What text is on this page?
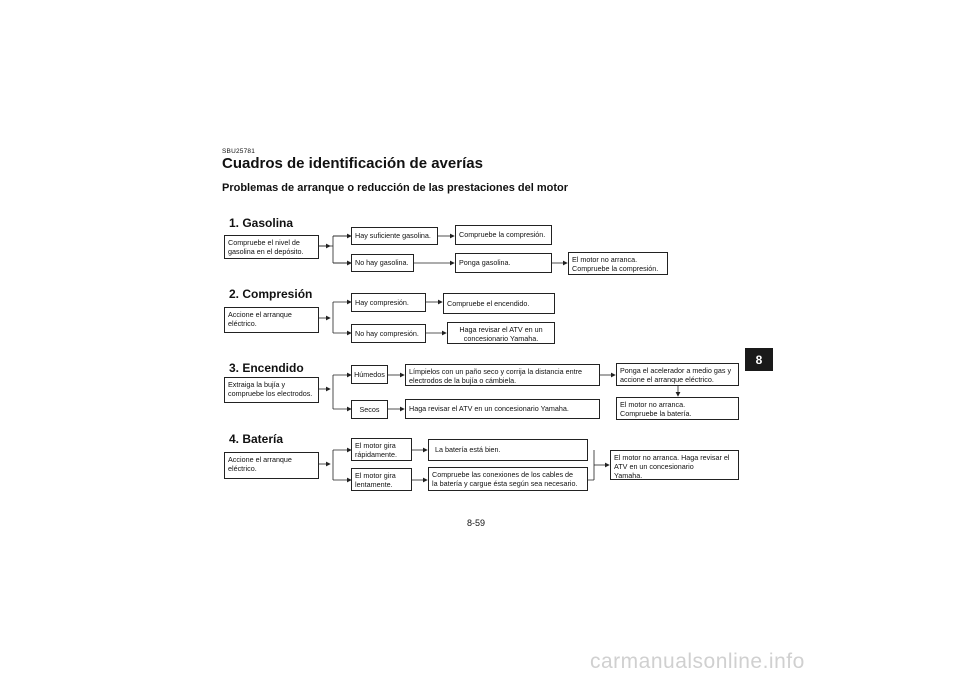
SBU25781
Cuadros de identificación de averías
Problemas de arranque o reducción de las prestaciones del motor
1. Gasolina
Compruebe el nivel de
gasolina en el depósito.
Hay suficiente gasolina.	Compruebe la compresión.
No hay gasolina.	Ponga gasolina.	El motor no arranca.
Compruebe la compresión.
2. Compresión
Accione el arranque
eléctrico.
Hay compresión.	Compruebe el encendido.
No hay compresión.	Haga revisar el ATV en un
concesionario Yamaha.
3. Encendido
Extraiga la bujía y
compruebe los electrodos.
Húmedos	Límpielos con un paño seco y corrija la distancia entre
electrodos de la bujía o cámbiela.
Ponga el acelerador a medio gas y
accione el arranque eléctrico.
El motor no arranca.
Compruebe la batería.
Secos	Haga revisar el ATV en un concesionario Yamaha.
4. Batería
Accione el arranque
eléctrico.
El motor gira
rápidamente.
La batería está bien.
El motor gira
lentamente.
Compruebe las conexiones de los cables de
la batería y cargue ésta según sea necesario.
El motor no arranca. Haga revisar el
ATV en un concesionario
Yamaha.
8
8-59
carmanualsonline.info
